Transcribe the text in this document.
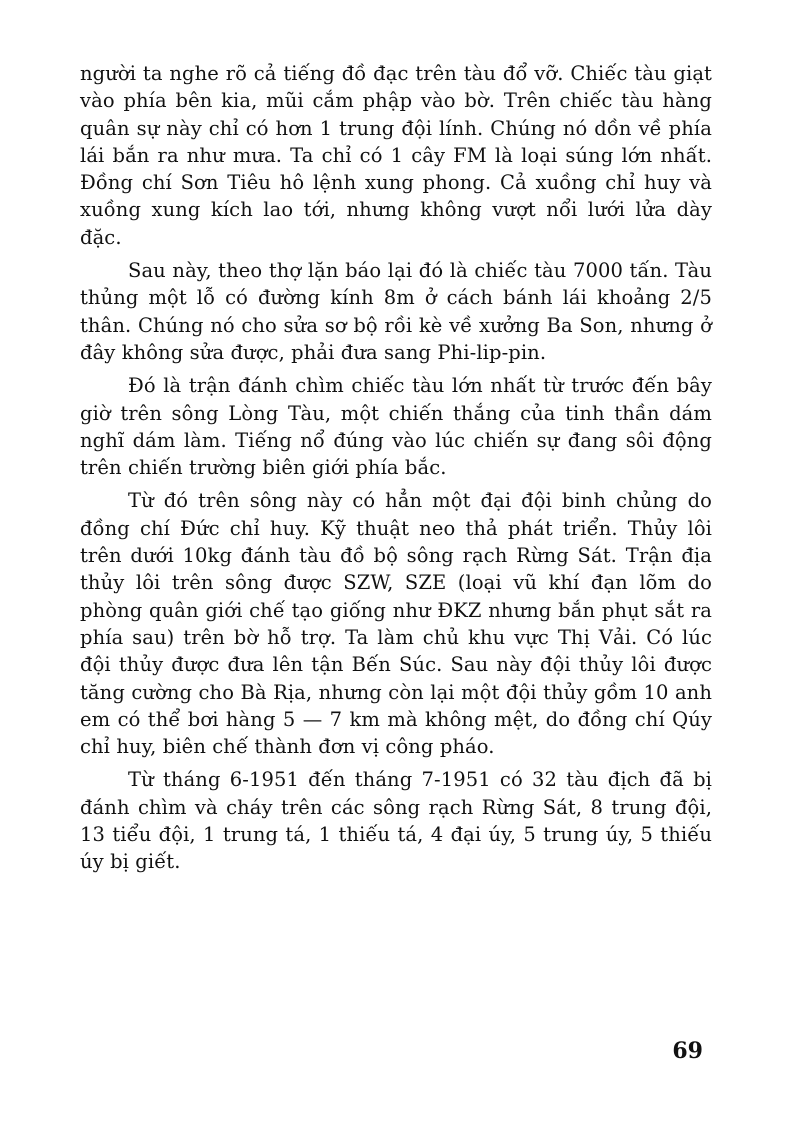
người ta nghe rõ cả tiếng đồ đạc trên tàu đổ vỡ. Chiếc tàu giạt vào phía bên kia, mũi cắm phập vào bờ. Trên chiếc tàu hàng quân sự này chỉ có hơn 1 trung đội lính. Chúng nó dồn về phía lái bắn ra như mưa. Ta chỉ có 1 cây FM là loại súng lớn nhất. Đồng chí Sơn Tiêu hô lệnh xung phong. Cả xuồng chỉ huy và xuồng xung kích lao tới, nhưng không vượt nổi lưới lửa dày đặc.

Sau này, theo thợ lặn báo lại đó là chiếc tàu 7000 tấn. Tàu thủng một lỗ có đường kính 8m ở cách bánh lái khoảng 2/5 thân. Chúng nó cho sửa sơ bộ rồi kè về xưởng Ba Son, nhưng ở đây không sửa được, phải đưa sang Phi-lip-pin.

Đó là trận đánh chìm chiếc tàu lớn nhất từ trước đến bây giờ trên sông Lòng Tàu, một chiến thắng của tinh thần dám nghĩ dám làm. Tiếng nổ đúng vào lúc chiến sự đang sôi động trên chiến trường biên giới phía bắc.

Từ đó trên sông này có hẳn một đại đội binh chủng do đồng chí Đức chỉ huy. Kỹ thuật neo thả phát triển. Thủy lôi trên dưới 10kg đánh tàu đồ bộ sông rạch Rừng Sát. Trận địa thủy lôi trên sông được SZW, SZE (loại vũ khí đạn lõm do phòng quân giới chế tạo giống như ĐKZ nhưng bắn phụt sắt ra phía sau) trên bờ hỗ trợ. Ta làm chủ khu vực Thị Vải. Có lúc đội thủy được đưa lên tận Bến Súc. Sau này đội thủy lôi được tăng cường cho Bà Rịa, nhưng còn lại một đội thủy gồm 10 anh em có thể bơi hàng 5 — 7 km mà không mệt, do đồng chí Qúy chỉ huy, biên chế thành đơn vị công pháo.

Từ tháng 6-1951 đến tháng 7-1951 có 32 tàu địch đã bị đánh chìm và cháy trên các sông rạch Rừng Sát, 8 trung đội, 13 tiểu đội, 1 trung tá, 1 thiếu tá, 4 đại úy, 5 trung úy, 5 thiếu úy bị giết.

69
